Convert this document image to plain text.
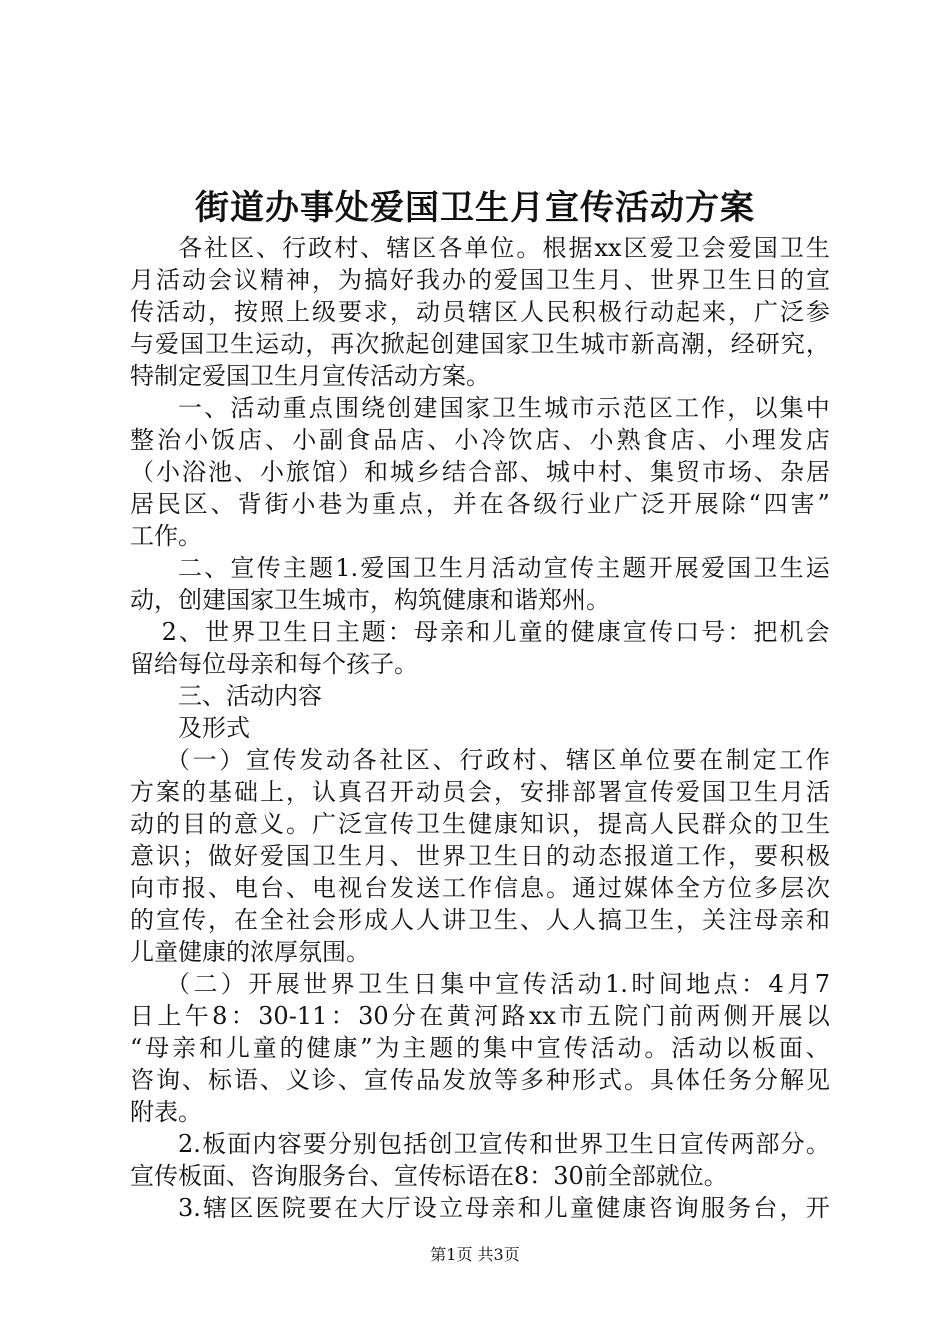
街道办事处爱国卫生月宣传活动方案
　　各 社 区 、 行 政 村 、 辖 区 各 单 位 。 根 据 xx 区 爱 卫 会 爱 国 卫 生
月 活 动 会 议 精 神 ， 为 搞 好 我 办 的 爱 国 卫 生 月 、 世 界 卫 生 日 的 宣
传 活 动 ， 按 照 上 级 要 求 ， 动 员 辖 区 人 民 积 极 行 动 起 来 ， 广 泛 参
与 爱 国 卫 生 运 动 ， 再 次 掀 起 创 建 国 家 卫 生 城 市 新 高 潮 ， 经 研 究 ，
特制定爱国卫生月宣传活动方案。
　　一 、 活 动 重 点 围 绕 创 建 国 家 卫 生 城 市 示 范 区 工 作 ， 以 集 中
整 治 小 饭 店 、 小 副 食 品 店 、 小 冷 饮 店 、 小 熟 食 店 、 小 理 发 店
（ 小 浴 池 、 小 旅 馆 ） 和 城 乡 结 合 部 、 城 中 村 、 集 贸 市 场 、 杂 居
居 民 区 、 背 街 小 巷 为 重 点 ， 并 在 各 级 行 业 广 泛 开 展 除 “ 四 害 ”
工作。
　　二 、 宣 传 主 题 1. 爱 国 卫 生 月 活 动 宣 传 主 题 开 展 爱 国 卫 生 运
动，创建国家卫生城市，构筑健康和谐郑州。
　 2 、 世 界 卫 生 日 主 题 ： 母 亲 和 儿 童 的 健 康 宣 传 口 号 ： 把 机 会
留给每位母亲和每个孩子。
　　三、活动内容
　　及形式
　　（ 一 ） 宣 传 发 动 各 社 区 、 行 政 村 、 辖 区 单 位 要 在 制 定 工 作
方 案 的 基 础 上 ， 认 真 召 开 动 员 会 ， 安 排 部 署 宣 传 爱 国 卫 生 月 活
动 的 目 的 意 义 。 广 泛 宣 传 卫 生 健 康 知 识 ， 提 高 人 民 群 众 的 卫 生
意 识 ； 做 好 爱 国 卫 生 月 、 世 界 卫 生 日 的 动 态 报 道 工 作 ， 要 积 极
向 市 报 、 电 台 、 电 视 台 发 送 工 作 信 息 。 通 过 媒 体 全 方 位 多 层 次
的 宣 传 ， 在 全 社 会 形 成 人 人 讲 卫 生 、 人 人 搞 卫 生 ， 关 注 母 亲 和
儿童健康的浓厚氛围。
　　（ 二 ） 开 展 世 界 卫 生 日 集 中 宣 传 活 动 1. 时 间 地 点 ： 4 月 7
日 上 午 8 ： 30-11 ： 30 分 在 黄 河 路 xx 市 五 院 门 前 两 侧 开 展 以
“ 母 亲 和 儿 童 的 健 康 ” 为 主 题 的 集 中 宣 传 活 动 。 活 动 以 板 面 、
咨 询 、 标 语 、 义 诊 、 宣 传 品 发 放 等 多 种 形 式 。 具 体 任 务 分 解 见
附表。
　　2. 板 面 内 容 要 分 别 包 括 创 卫 宣 传 和 世 界 卫 生 日 宣 传 两 部 分 。
宣传板面、咨询服务台、宣传标语在8：30前全部就位。
　　3. 辖 区 医 院 要 在 大 厅 设 立 母 亲 和 儿 童 健 康 咨 询 服 务 台 ， 开
第1页 共3页
